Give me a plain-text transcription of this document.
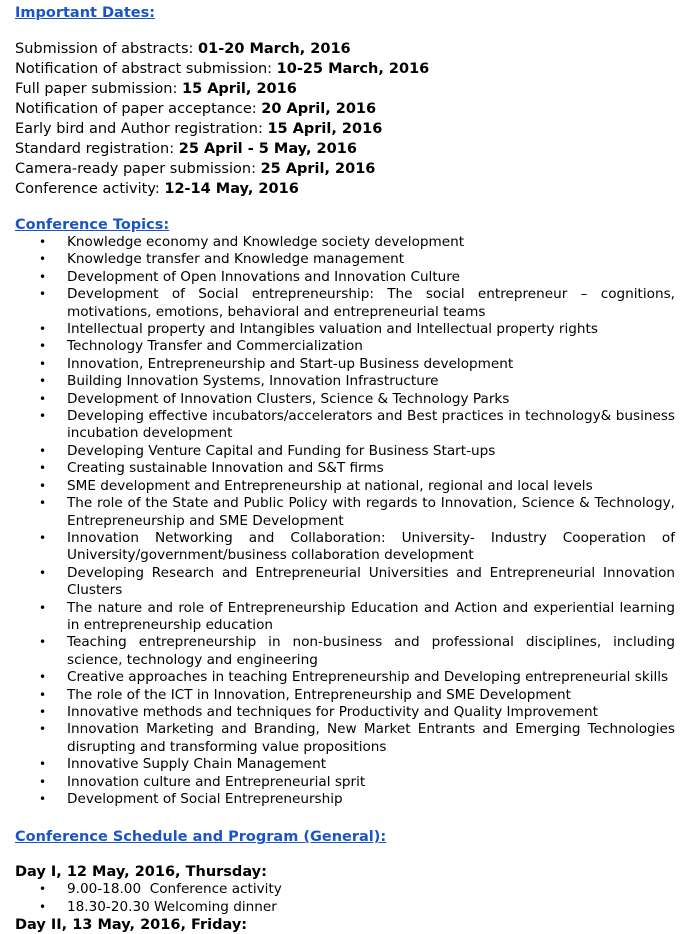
Important Dates:

Submission of abstracts: 01-20 March, 2016
Notification of abstract submission: 10-25 March, 2016
Full paper submission: 15 April, 2016
Notification of paper acceptance: 20 April, 2016
Early bird and Author registration: 15 April, 2016
Standard registration: 25 April - 5 May, 2016
Camera-ready paper submission: 25 April, 2016
Conference activity: 12-14 May, 2016

Conference Topics:

• Knowledge economy and Knowledge society development
• Knowledge transfer and Knowledge management
• Development of Open Innovations and Innovation Culture
• Development of Social entrepreneurship: The social entrepreneur – cognitions, motivations, emotions, behavioral and entrepreneurial teams
• Intellectual property and Intangibles valuation and Intellectual property rights
• Technology Transfer and Commercialization
• Innovation, Entrepreneurship and Start-up Business development
• Building Innovation Systems, Innovation Infrastructure
• Development of Innovation Clusters, Science & Technology Parks
• Developing effective incubators/accelerators and Best practices in technology& business incubation development
• Developing Venture Capital and Funding for Business Start-ups
• Creating sustainable Innovation and S&T firms
• SME development and Entrepreneurship at national, regional and local levels
• The role of the State and Public Policy with regards to Innovation, Science & Technology, Entrepreneurship and SME Development
• Innovation Networking and Collaboration: University- Industry Cooperation of University/government/business collaboration development
• Developing Research and Entrepreneurial Universities and Entrepreneurial Innovation Clusters
• The nature and role of Entrepreneurship Education and Action and experiential learning in entrepreneurship education
• Teaching entrepreneurship in non-business and professional disciplines, including science, technology and engineering
• Creative approaches in teaching Entrepreneurship and Developing entrepreneurial skills
• The role of the ICT in Innovation, Entrepreneurship and SME Development
• Innovative methods and techniques for Productivity and Quality Improvement
• Innovation Marketing and Branding, New Market Entrants and Emerging Technologies disrupting and transforming value propositions
• Innovative Supply Chain Management
• Innovation culture and Entrepreneurial sprit
• Development of Social Entrepreneurship

Conference Schedule and Program (General):

Day I, 12 May, 2016, Thursday:

• 9.00-18.00  Conference activity
• 18.30-20.30 Welcoming dinner

Day II, 13 May, 2016, Friday:
